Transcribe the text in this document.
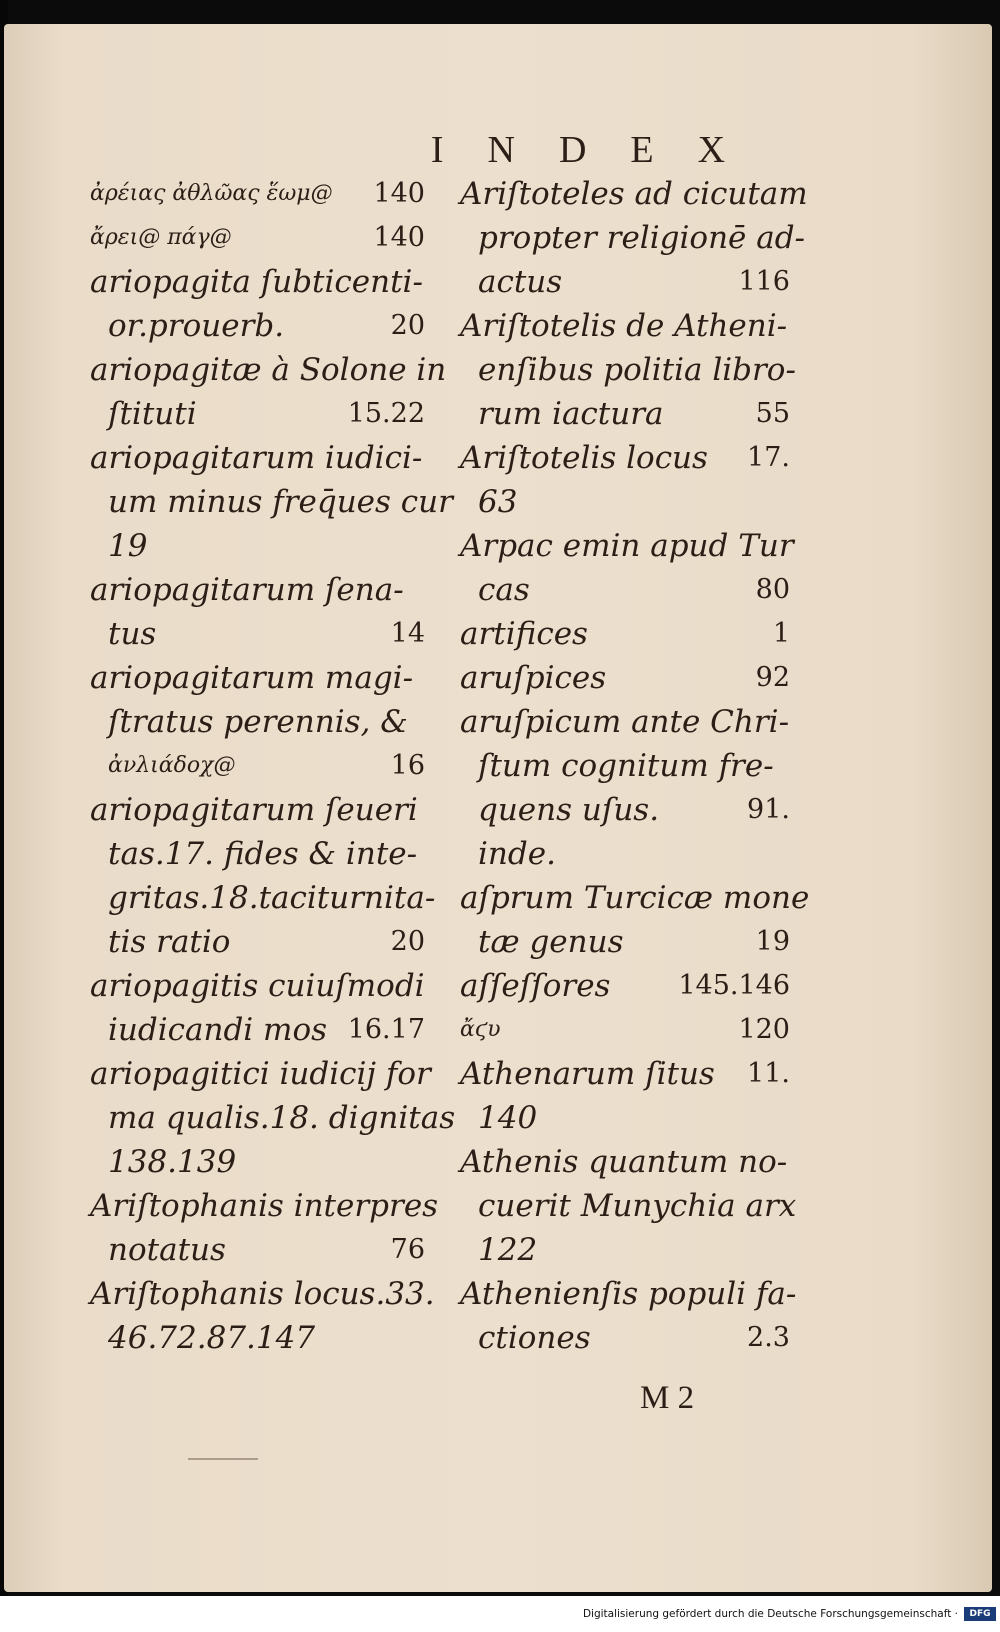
INDEX
ἀρέιας ἀθλῶας ἕωμ@ 140
ἄρει@ πάγ@	140
ariopagita ſubticenti-
or.prouerb.	20
ariopagitæ à Solone in
ſtituti	15.22
ariopagitarum iudici-
um minus freq̄ues cur
19
ariopagitarum ſena-
tus	14
ariopagitarum magi-
ſtratus perennis, &
ἀνλιάδοχ@	16
ariopagitarum ſeueri
tas.17. fides & inte-
gritas.18.taciturnita-
tis ratio	20
ariopagitis cuiuſmodi
iudicandi mos 16.17
ariopagitici iudicij for
ma qualis.18. dignitas
138.139
Ariſtophanis interpres
notatus	76
Ariſtophanis locus.33.
46.72.87.147
Ariſtoteles ad cicutam
propter religionē ad-
actus	116
Ariſtotelis de Atheni-
enſibus politia libro-
rum iactura	55
Ariſtotelis locus 17.
63
Arpac emin apud Tur
cas	80
artifices	1
aruſpices	92
aruſpicum ante Chri-
ſtum cognitum fre-
quens uſus.	91.
inde.
aſprum Turcicæ mone
tæ genus	19
aſſeſſores	145.146
ἄϛυ	120
Athenarum ſitus 11.
140
Athenis quantum no-
cuerit Munychia arx
122
Athenienſis populi fa-
ctiones	2.3
M 2
Digitalisierung gefördert durch die Deutsche Forschungsgemeinschaft ·	DFG
